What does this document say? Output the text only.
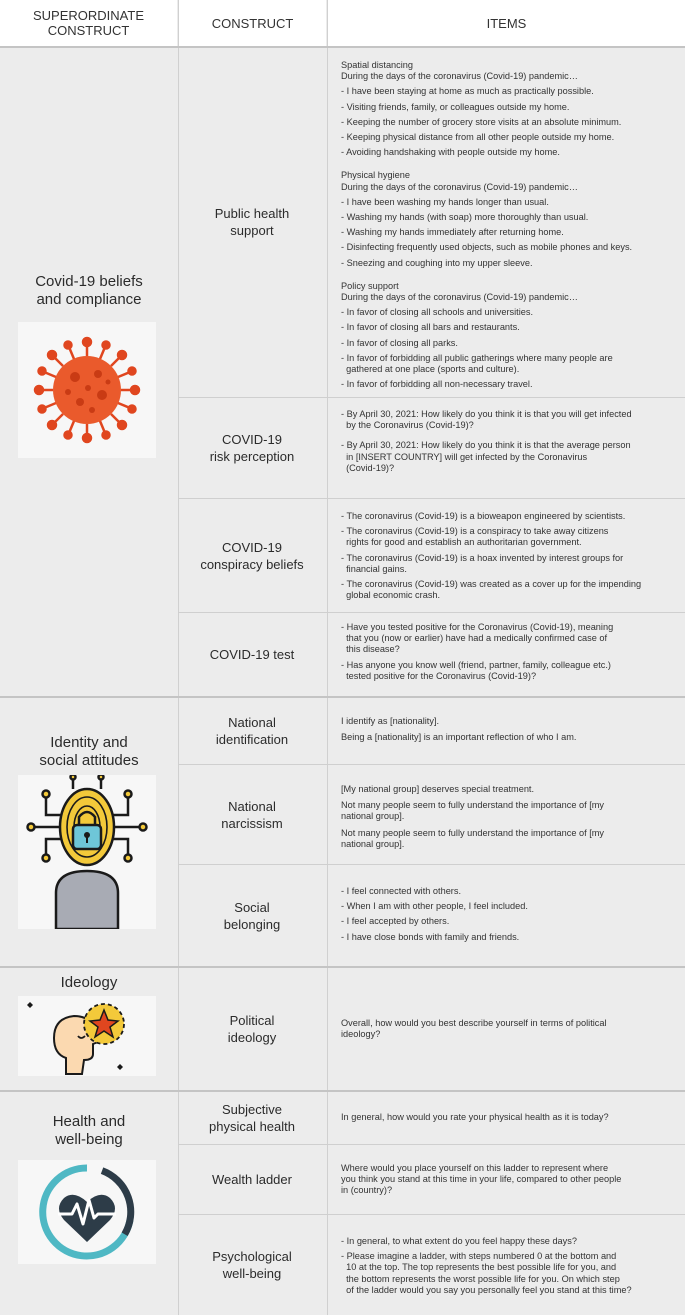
SUPERORDINATE
CONSTRUCT	CONSTRUCT	ITEMS
Covid-19 beliefs
and compliance
Public health
support
Spatial distancing
During the days of the coronavirus (Covid-19) pandemic…
- I have been staying at home as much as practically possible.
- Visiting friends, family, or colleagues outside my home.
- Keeping the number of grocery store visits at an absolute minimum.
- Keeping physical distance from all other people outside my home.
- Avoiding handshaking with people outside my home.
Physical hygiene
During the days of the coronavirus (Covid-19) pandemic…
- I have been washing my hands longer than usual.
- Washing my hands (with soap) more thoroughly than usual.
- Washing my hands immediately after returning home.
- Disinfecting frequently used objects, such as mobile phones and keys.
- Sneezing and coughing into my upper sleeve.
Policy support
During the days of the coronavirus (Covid-19) pandemic…
- In favor of closing all schools and universities.
- In favor of closing all bars and restaurants.
- In favor of closing all parks.
- In favor of forbidding all public gatherings where many people are
gathered at one place (sports and culture).
- In favor of forbidding all non-necessary travel.
COVID-19
risk perception
- By April 30, 2021: How likely do you think it is that you will get infected
by the Coronavirus (Covid-19)?
- By April 30, 2021: How likely do you think it is that the average person
in [INSERT COUNTRY] will get infected by the Coronavirus
(Covid-19)?
COVID-19
conspiracy beliefs
- The coronavirus (Covid-19) is a bioweapon engineered by scientists.
- The coronavirus (Covid-19) is a conspiracy to take away citizens
rights for good and establish an authoritarian government.
- The coronavirus (Covid-19) is a hoax invented by interest groups for
financial gains.
- The coronavirus (Covid-19) was created as a cover up for the impending
global economic crash.
COVID-19 test
- Have you tested positive for the Coronavirus (Covid-19), meaning
that you (now or earlier) have had a medically confirmed case of
this disease?
- Has anyone you know well (friend, partner, family, colleague etc.)
tested positive for the Coronavirus (Covid-19)?
Identity and
social attitudes
National
identification
I identify as [nationality].
Being a [nationality] is an important reflection of who I am.
National
narcissism
[My national group] deserves special treatment.
Not many people seem to fully understand the importance of [my
national group].
Not many people seem to fully understand the importance of [my
national group].
Social
belonging
- I feel connected with others.
- When I am with other people, I feel included.
- I feel accepted by others.
- I have close bonds with family and friends.
Ideology
Political
ideology
Overall, how would you best describe yourself in terms of political
ideology?
Health and
well-being
Subjective
physical health
In general, how would you rate your physical health as it is today?
Wealth ladder
Where would you place yourself on this ladder to represent where
you think you stand at this time in your life, compared to other people
in (country)?
Psychological
well-being
- In general, to what extent do you feel happy these days?
- Please imagine a ladder, with steps numbered 0 at the bottom and
10 at the top. The top represents the best possible life for you, and
the bottom represents the worst possible life for you. On which step
of the ladder would you say you personally feel you stand at this time?
